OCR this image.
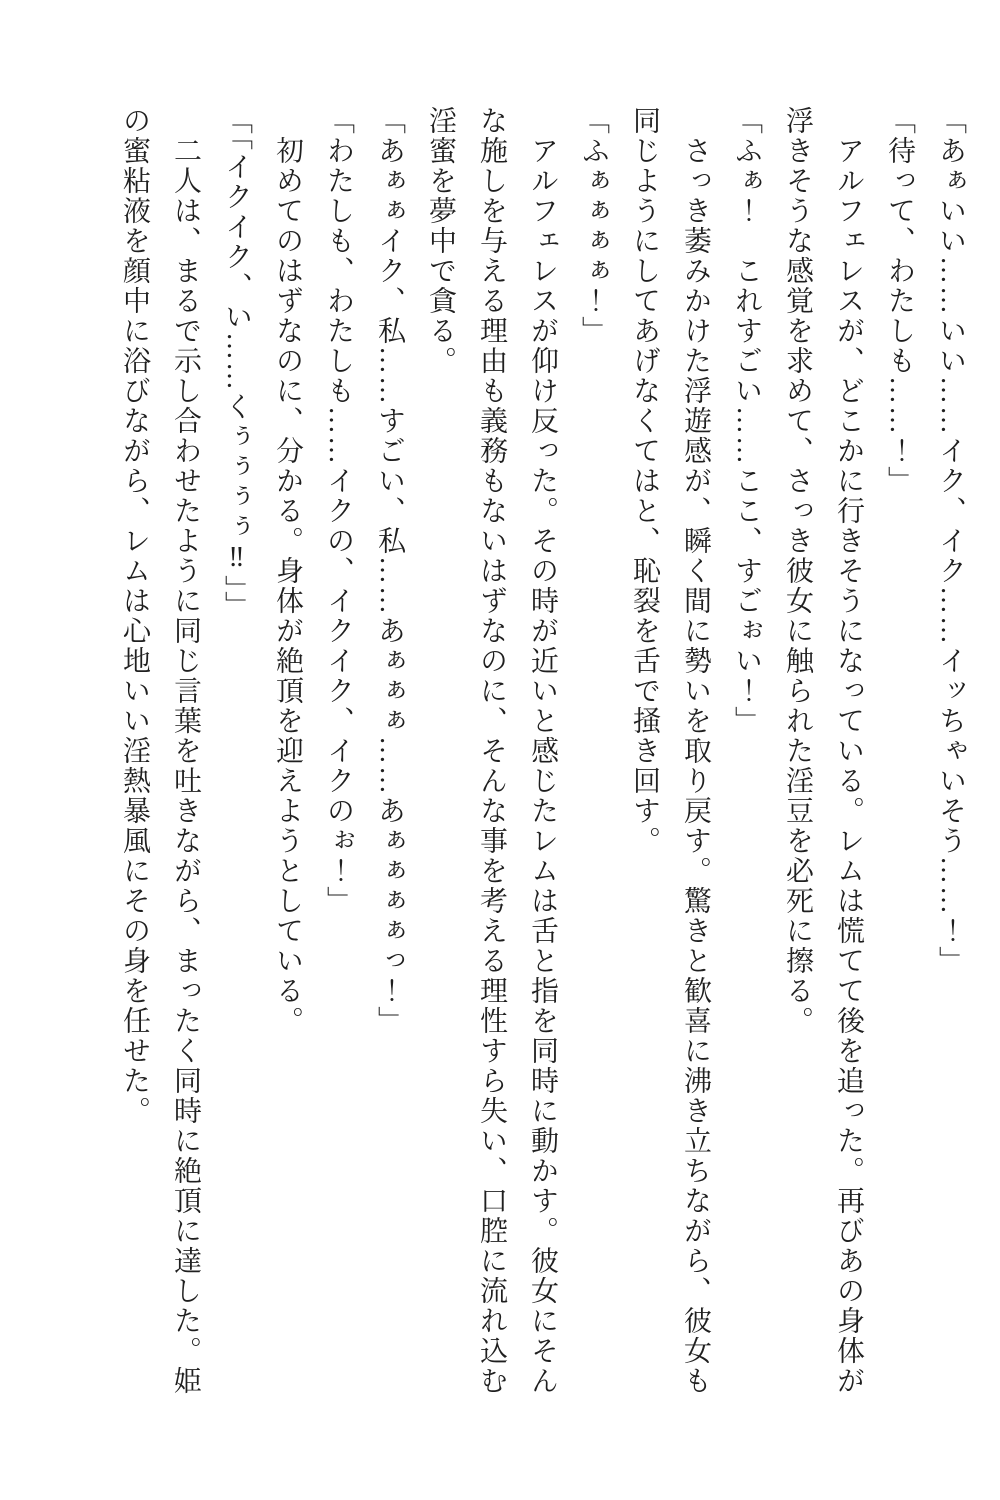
「あぁいい……いい……イク、イク……イッちゃいそう……！」

「待って、わたしも……！」

アルフェレスが、どこかに行きそうになっている。レムは慌てて後を追った。再びあの身体が浮きそうな感覚を求めて、さっき彼女に触られた淫豆を必死に擦る。

「ふぁ！　これすごい……ここ、すごぉい！」

さっき萎みかけた浮遊感が、瞬く間に勢いを取り戻す。驚きと歓喜に沸き立ちながら、彼女も同じようにしてあげなくてはと、恥裂を舌で掻き回す。

「ふぁぁぁぁ！」

アルフェレスが仰け反った。その時が近いと感じたレムは舌と指を同時に動かす。彼女にそんな施しを与える理由も義務もないはずなのに、そんな事を考える理性すら失い、口腔に流れ込む淫蜜を夢中で貪る。

「あぁぁイク、私……すごい、私……あぁぁぁ……あぁぁぁぁっ！」

「わたしも、わたしも……イクの、イクイク、イクのぉ！」

初めてのはずなのに、分かる。身体が絶頂を迎えようとしている。

「「イクイク、い……くぅぅぅぅ‼」」

二人は、まるで示し合わせたように同じ言葉を吐きながら、まったく同時に絶頂に達した。姫の蜜粘液を顔中に浴びながら、レムは心地いい淫熱暴風にその身を任せた。
